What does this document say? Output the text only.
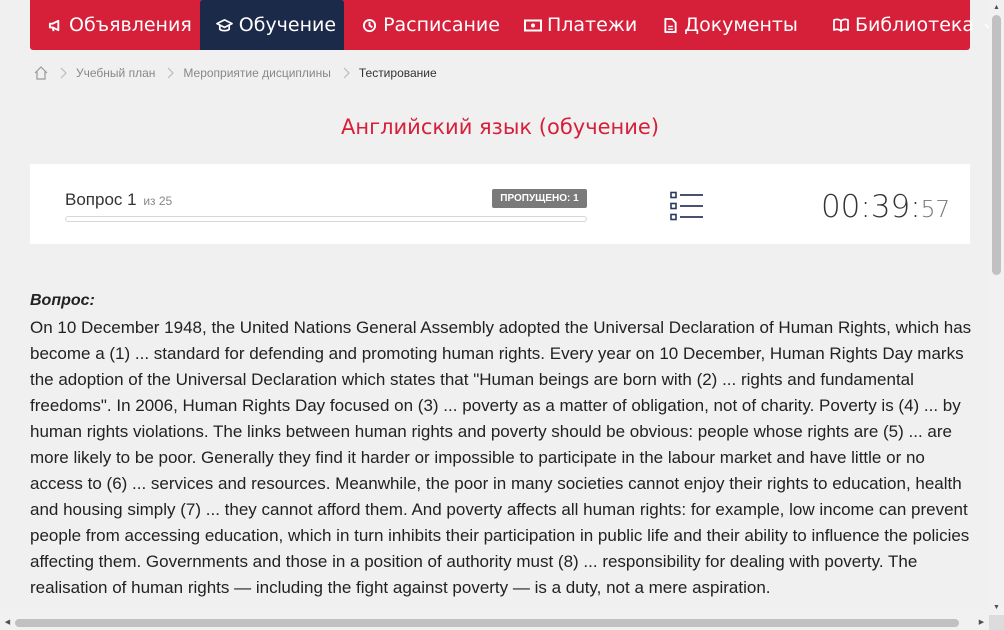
Объявления Обучение Расписание Платежи Документы	Библиотека
Учебный план Мероприятие дисциплины Тестирование
Английский язык (обучение)
Вопрос 1 из 25	ПРОПУЩЕНО: 1	00:39:57
Вопрос:
On 10 December 1948, the United Nations General Assembly adopted the Universal Declaration of Human Rights, which has become a (1) ... standard for defending and promoting human rights. Every year on 10 December, Human Rights Day marks the adoption of the Universal Declaration which states that "Human beings are born with (2) ... rights and fundamental freedoms". In 2006, Human Rights Day focused on (3) ... poverty as a matter of obligation, not of charity. Poverty is (4) ... by human rights violations. The links between human rights and poverty should be obvious: people whose rights are (5) ... are more likely to be poor. Generally they find it harder or impossible to participate in the labour market and have little or no access to (6) ... services and resources. Meanwhile, the poor in many societies cannot enjoy their rights to education, health and housing simply (7) ... they cannot afford them. And poverty affects all human rights: for example, low income can prevent people from accessing education, which in turn inhibits their participation in public life and their ability to influence the policies affecting them. Governments and those in a position of authority must (8) ... responsibility for dealing with poverty. The realisation of human rights — including the fight against poverty — is a duty, not a mere aspiration.
▲
▼
◀	▶
